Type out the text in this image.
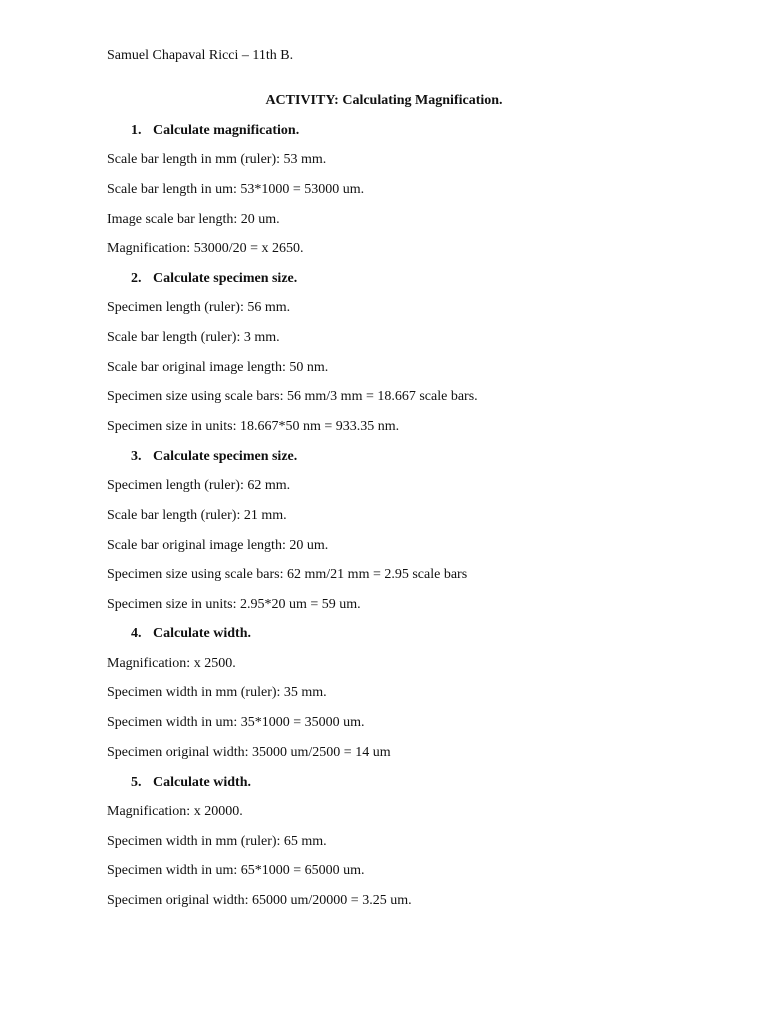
Samuel Chapaval Ricci – 11th B.
ACTIVITY: Calculating Magnification.
1. Calculate magnification.
Scale bar length in mm (ruler): 53 mm.
Scale bar length in um: 53*1000 = 53000 um.
Image scale bar length: 20 um.
Magnification: 53000/20 = x 2650.
2. Calculate specimen size.
Specimen length (ruler): 56 mm.
Scale bar length (ruler): 3 mm.
Scale bar original image length: 50 nm.
Specimen size using scale bars: 56 mm/3 mm = 18.667 scale bars.
Specimen size in units: 18.667*50 nm = 933.35 nm.
3. Calculate specimen size.
Specimen length (ruler): 62 mm.
Scale bar length (ruler): 21 mm.
Scale bar original image length: 20 um.
Specimen size using scale bars: 62 mm/21 mm = 2.95 scale bars
Specimen size in units: 2.95*20 um = 59 um.
4. Calculate width.
Magnification: x 2500.
Specimen width in mm (ruler): 35 mm.
Specimen width in um: 35*1000 = 35000 um.
Specimen original width: 35000 um/2500 = 14 um
5. Calculate width.
Magnification: x 20000.
Specimen width in mm (ruler): 65 mm.
Specimen width in um: 65*1000 = 65000 um.
Specimen original width: 65000 um/20000 = 3.25 um.
